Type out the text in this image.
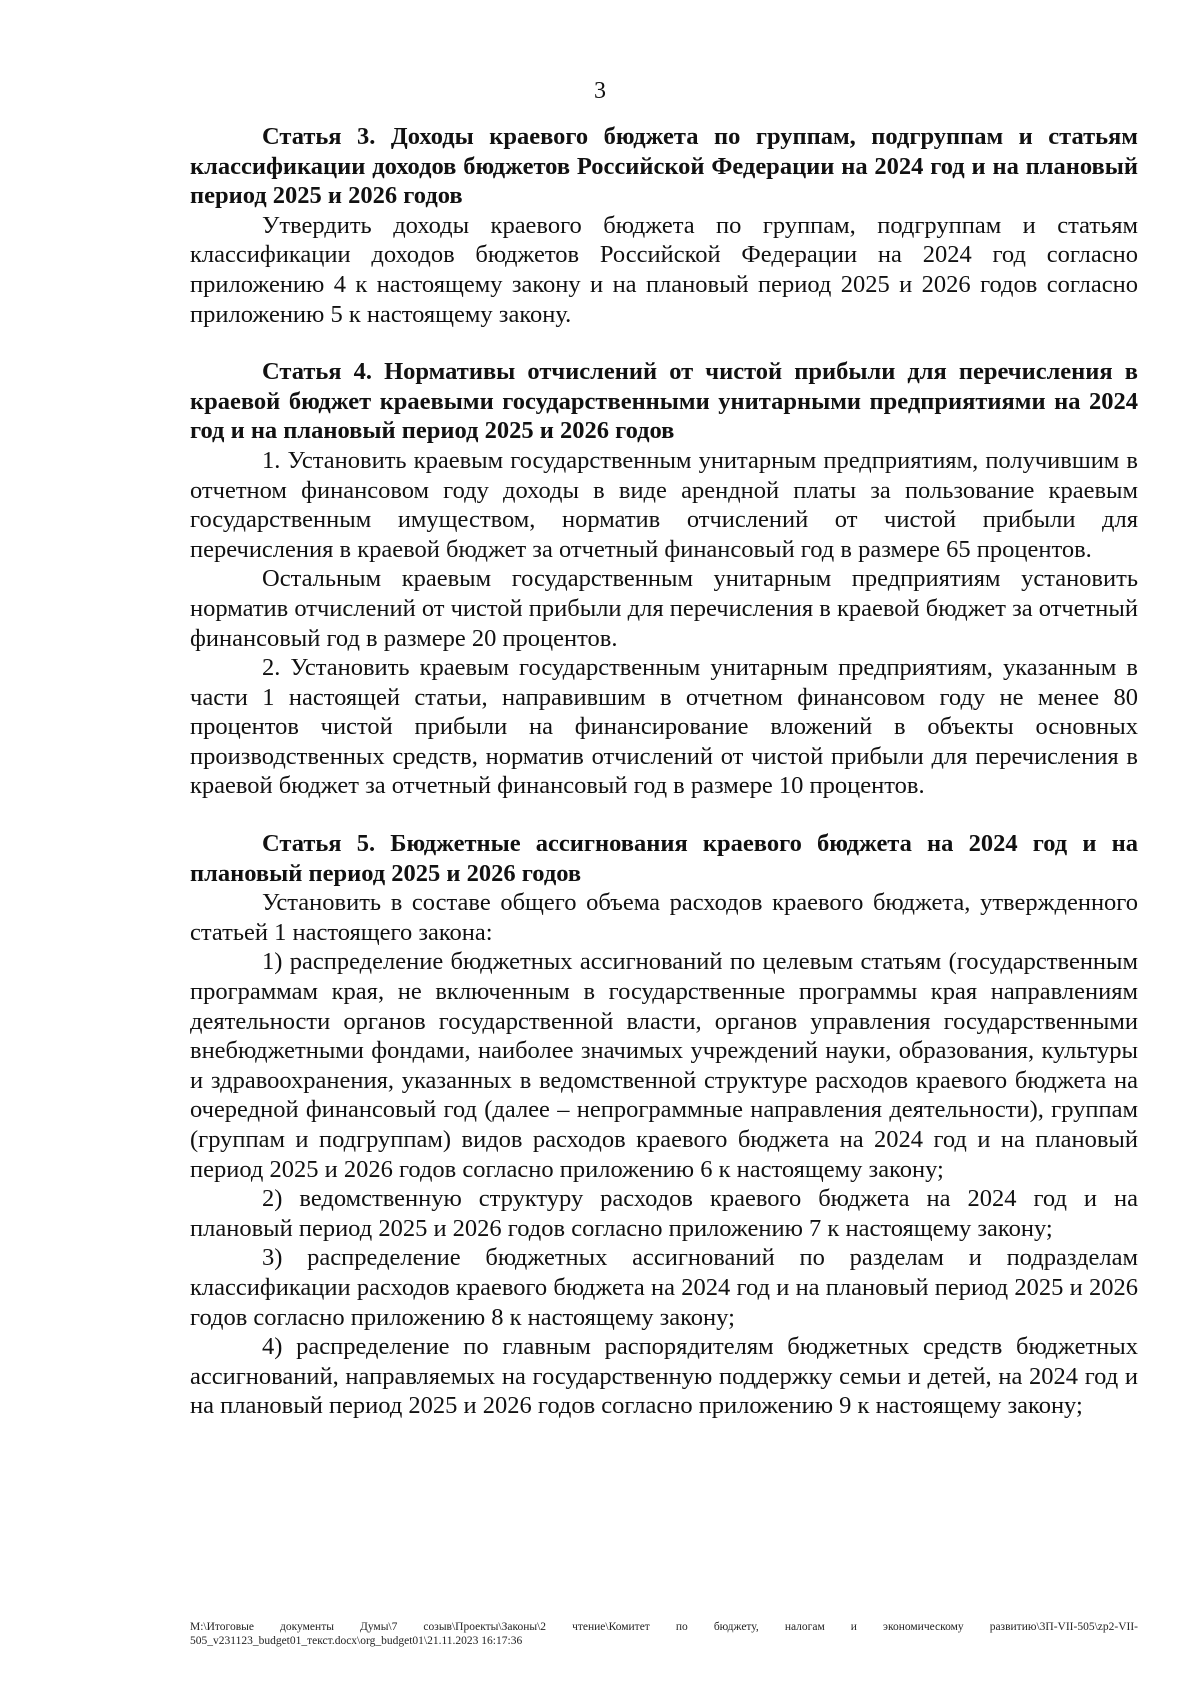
3

Статья 3. Доходы краевого бюджета по группам, подгруппам и статьям классификации доходов бюджетов Российской Федерации на 2024 год и на плановый период 2025 и 2026 годов

Утвердить доходы краевого бюджета по группам, подгруппам и статьям классификации доходов бюджетов Российской Федерации на 2024 год согласно приложению 4 к настоящему закону и на плановый период 2025 и 2026 годов согласно приложению 5 к настоящему закону.

Статья 4. Нормативы отчислений от чистой прибыли для перечисления в краевой бюджет краевыми государственными унитарными предприятиями на 2024 год и на плановый период 2025 и 2026 годов

1. Установить краевым государственным унитарным предприятиям, получившим в отчетном финансовом году доходы в виде арендной платы за пользование краевым государственным имуществом, норматив отчислений от чистой прибыли для перечисления в краевой бюджет за отчетный финансовый год в размере 65 процентов.

Остальным краевым государственным унитарным предприятиям установить норматив отчислений от чистой прибыли для перечисления в краевой бюджет за отчетный финансовый год в размере 20 процентов.

2. Установить краевым государственным унитарным предприятиям, указанным в части 1 настоящей статьи, направившим в отчетном финансовом году не менее 80 процентов чистой прибыли на финансирование вложений в объекты основных производственных средств, норматив отчислений от чистой прибыли для перечисления в краевой бюджет за отчетный финансовый год в размере 10 процентов.

Статья 5. Бюджетные ассигнования краевого бюджета на 2024 год и на плановый период 2025 и 2026 годов

Установить в составе общего объема расходов краевого бюджета, утвержденного статьей 1 настоящего закона:

1) распределение бюджетных ассигнований по целевым статьям (государственным программам края, не включенным в государственные программы края направлениям деятельности органов государственной власти, органов управления государственными внебюджетными фондами, наиболее значимых учреждений науки, образования, культуры и здравоохранения, указанных в ведомственной структуре расходов краевого бюджета на очередной финансовый год (далее – непрограммные направления деятельности), группам (группам и подгруппам) видов расходов краевого бюджета на 2024 год и на плановый период 2025 и 2026 годов согласно приложению 6 к настоящему закону;

2) ведомственную структуру расходов краевого бюджета на 2024 год и на плановый период 2025 и 2026 годов согласно приложению 7 к настоящему закону;

3) распределение бюджетных ассигнований по разделам и подразделам классификации расходов краевого бюджета на 2024 год и на плановый период 2025 и 2026 годов согласно приложению 8 к настоящему закону;

4) распределение по главным распорядителям бюджетных средств бюджетных ассигнований, направляемых на государственную поддержку семьи и детей, на 2024 год и на плановый период 2025 и 2026 годов согласно приложению 9 к настоящему закону;

M:\Итоговые документы Думы\7 созыв\Проекты\Законы\2 чтение\Комитет по бюджету, налогам и экономическому развитию\3П-VII-505\zp2-VII-505_v231123_budget01_текст.docx\org_budget01\21.11.2023 16:17:36
